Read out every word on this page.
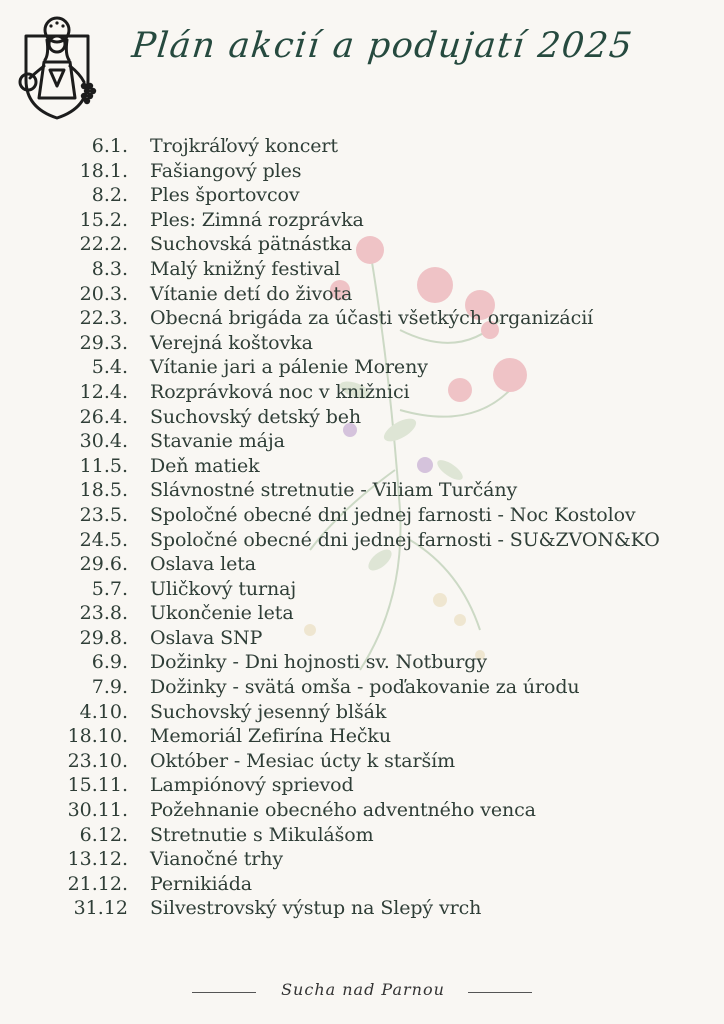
Plán akcií a podujatí 2025
6.1. Trojkráľový koncert
18.1. Fašiangový ples
8.2. Ples športovcov
15.2. Ples: Zimná rozprávka
22.2. Suchovská pätnástka
8.3. Malý knižný festival
20.3. Vítanie detí do života
22.3. Obecná brigáda za účasti všetkých organizácií
29.3. Verejná koštovka
5.4. Vítanie jari a pálenie Moreny
12.4. Rozprávková noc v knižnici
26.4. Suchovský detský beh
30.4. Stavanie mája
11.5. Deň matiek
18.5. Slávnostné stretnutie - Viliam Turčány
23.5. Spoločné obecné dni jednej farnosti - Noc Kostolov
24.5. Spoločné obecné dni jednej farnosti - SU&ZVON&KO
29.6. Oslava leta
5.7. Uličkový turnaj
23.8. Ukončenie leta
29.8. Oslava SNP
6.9. Dožinky - Dni hojnosti sv. Notburgy
7.9. Dožinky - svätá omša - poďakovanie za úrodu
4.10. Suchovský jesenný blšák
18.10. Memoriál Zefirína Hečku
23.10. Október - Mesiac úcty k starším
15.11. Lampiónový sprievod
30.11. Požehnanie obecného adventného venca
6.12. Stretnutie s Mikulášom
13.12. Vianočné trhy
21.12. Pernikiáda
31.12 Silvestrovský výstup na Slepý vrch
Sucha nad Parnou
